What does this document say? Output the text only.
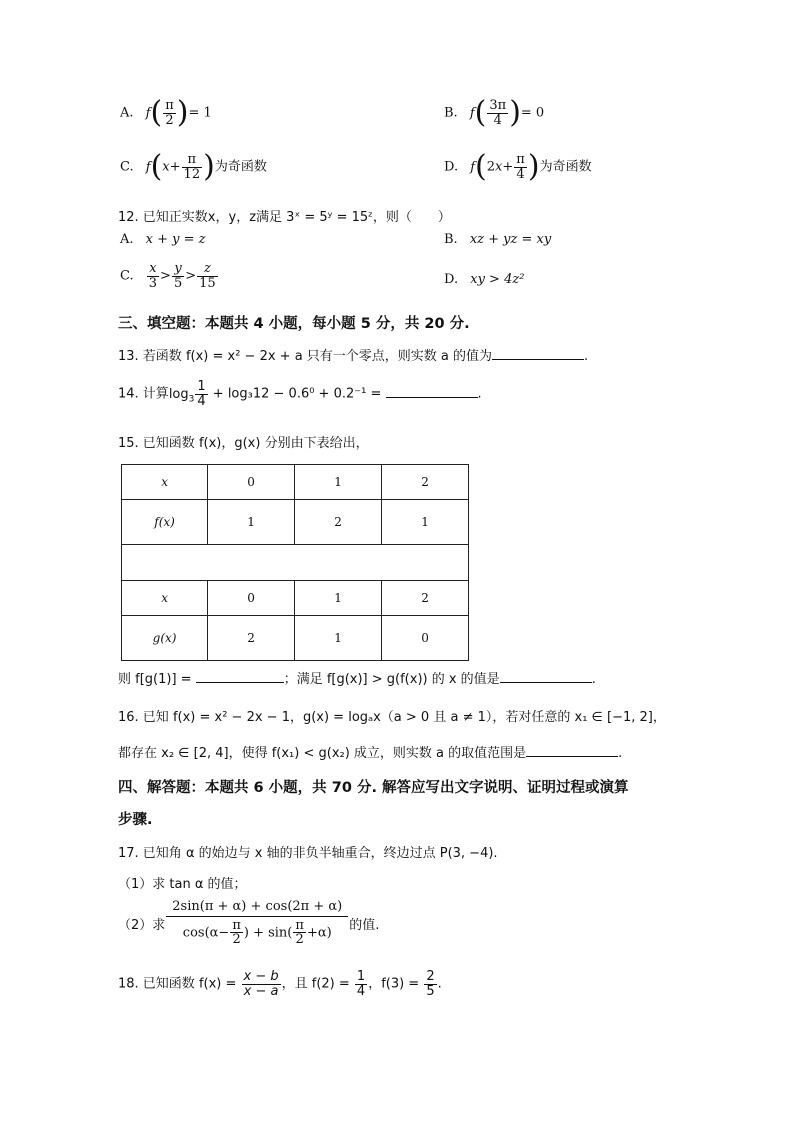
A. $f( \frac{\pi}{2}$ )= 1	B. $f( \frac{3\pi}{4}$ )= 0
C. $f(x+ \frac{\pi}{12}$ )为奇函数	D. $f(2x+ \frac{\pi}{4}$ )为奇函数
12. 已知正实数x，y，z满足 3ˣ = 5ʸ = 15ᶻ，则（　　）
A. x + y = z	B. xz + yz = xy
C. $\frac{x}{3} > \frac{y}{5} > \frac{z}{15}$	D. xy > 4z²
三、填空题：本题共 4 小题，每小题 5 分，共 20 分.
13. 若函数 f(x) = x² − 2x + a 只有一个零点，则实数 a 的值为	.
14. 计算$\log_3 \frac{1}{4} + \log_312 - 0.6^0 + 0.2^{-1}$ =	.
15. 已知函数 f(x)，g(x) 分别由下表给出，
x	0	1	2
f(x)	1	2	1

x	0	1	2
g(x)	2	1	0
则 f[g(1)] =	；满足 f[g(x)] > g(f(x)) 的 x 的值是	.
16. 已知 f(x) = x² − 2x − 1，g(x) = logₐx（a > 0 且 a ≠ 1），若对任意的 x₁ ∈ [−1, 2]，
都存在 x₂ ∈ [2, 4]，使得 f(x₁) < g(x₂) 成立，则实数 a 的取值范围是	.
四、解答题：本题共 6 小题，共 70 分. 解答应写出文字说明、证明过程或演算
步骤.
17. 已知角 α 的始边与 x 轴的非负半轴重合，终边过点 P(3, −4).
（1）求 tan α 的值；
（2）求 $\frac{2\sin(\pi + \alpha) + \cos(2\pi + \alpha)}{\cos(\alpha- \frac{\pi}{2} ) + \sin( \frac{\pi}{2} +\alpha)}$ 的值.
18. 已知函数 $f(x) = \frac{x - b}{x - a}$ ，且 $f(2) = \frac{1}{4}$ ，$f(3) = \frac{2}{5}$ .
